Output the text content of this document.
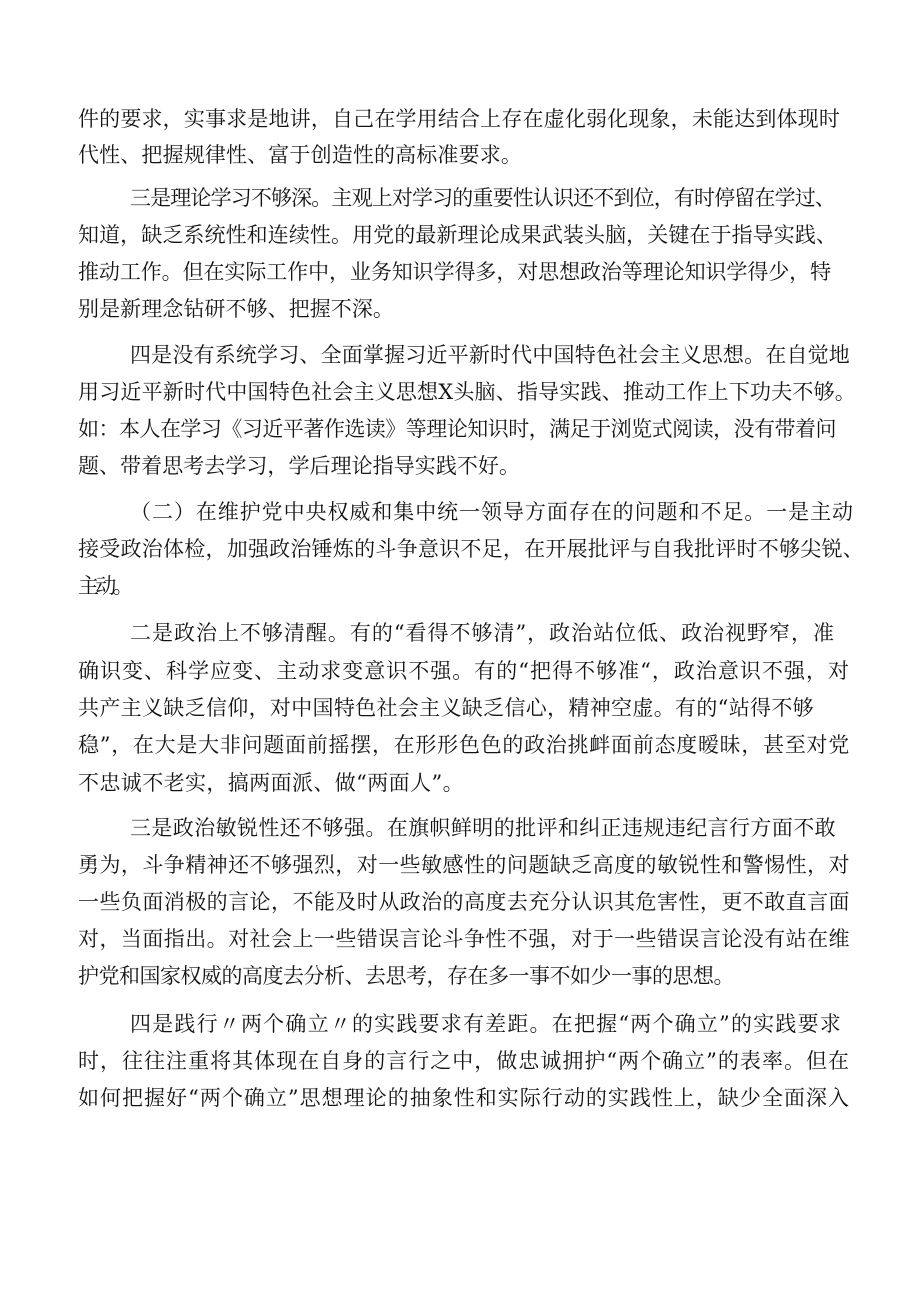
件的要求，实事求是地讲，自己在学用结合上存在虚化弱化现象，未能达到体现时

代性、把握规律性、富于创造性的高标准要求。

三是理论学习不够深。主观上对学习的重要性认识还不到位，有时停留在学过、

知道，缺乏系统性和连续性。用党的最新理论成果武装头脑，关键在于指导实践、

推动工作。但在实际工作中，业务知识学得多，对思想政治等理论知识学得少，特

别是新理念钻研不够、把握不深。

四是没有系统学习、全面掌握习近平新时代中国特色社会主义思想。在自觉地

用习近平新时代中国特色社会主义思想X头脑、指导实践、推动工作上下功夫不够。

如：本人在学习《习近平著作选读》等理论知识时，满足于浏览式阅读，没有带着问

题、带着思考去学习，学后理论指导实践不好。

（二）在维护党中央权威和集中统一领导方面存在的问题和不足。一是主动

接受政治体检，加强政治锤炼的斗争意识不足，在开展批评与自我批评时不够尖锐、

主动。

二是政治上不够清醒。有的“看得不够清”，政治站位低、政治视野窄，准

确识变、科学应变、主动求变意识不强。有的“把得不够准“，政治意识不强，对

共产主义缺乏信仰，对中国特色社会主义缺乏信心，精神空虚。有的“站得不够

稳”，在大是大非问题面前摇摆，在形形色色的政治挑衅面前态度暧昧，甚至对党

不忠诚不老实，搞两面派、做“两面人”。

三是政治敏锐性还不够强。在旗帜鲜明的批评和纠正违规违纪言行方面不敢

勇为，斗争精神还不够强烈，对一些敏感性的问题缺乏高度的敏锐性和警惕性，对

一些负面消极的言论，不能及时从政治的高度去充分认识其危害性，更不敢直言面

对，当面指出。对社会上一些错误言论斗争性不强，对于一些错误言论没有站在维

护党和国家权威的高度去分析、去思考，存在多一事不如少一事的思想。

四是践行〃两个确立〃的实践要求有差距。在把握“两个确立”的实践要求

时，往往注重将其体现在自身的言行之中，做忠诚拥护“两个确立”的表率。但在

如何把握好“两个确立”思想理论的抽象性和实际行动的实践性上，缺少全面深入
